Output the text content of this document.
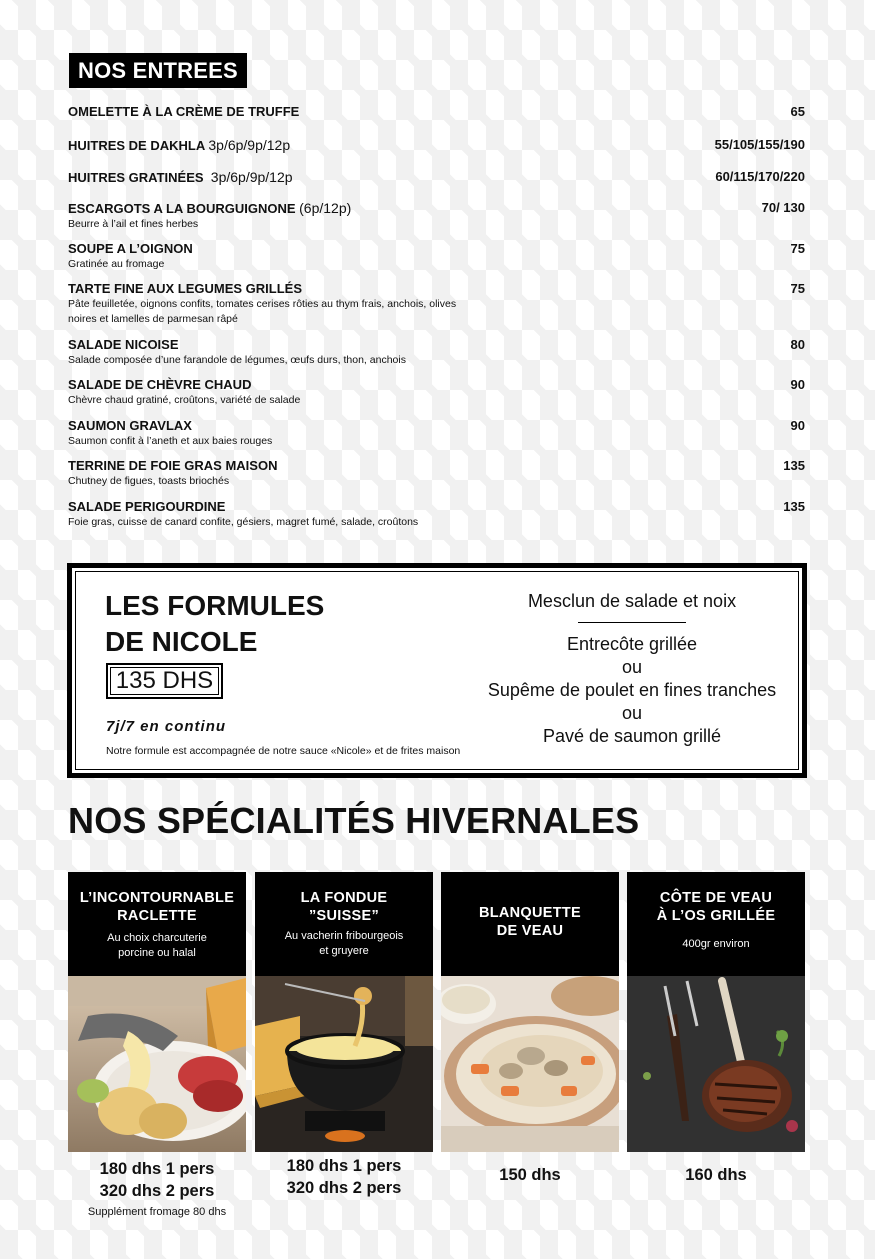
NOS ENTREES
OMELETTE À LA CRÈME DE TRUFFE	65
HUITRES DE DAKHLA 3p/6p/9p/12p	55/105/155/190
HUITRES GRATINÉES 3p/6p/9p/12p	60/115/170/220
ESCARGOTS A LA BOURGUIGNONE (6p/12p)
Beurre à l’ail et fines herbes
70/ 130
SOUPE A L’OIGNON
Gratinée au fromage
75
TARTE FINE AUX LEGUMES GRILLÉS
Pâte feuilletée, oignons confits, tomates cerises rôties au thym frais, anchois, olives noires et lamelles de parmesan râpé
75
SALADE NICOISE
Salade composée d’une farandole de légumes, œufs durs, thon, anchois
80
SALADE DE CHÈVRE CHAUD
Chèvre chaud gratiné, croûtons, variété de salade
90
SAUMON GRAVLAX
Saumon confit à l’aneth et aux baies rouges
90
TERRINE DE FOIE GRAS MAISON
Chutney de figues, toasts briochés
135
SALADE PERIGOURDINE
Foie gras, cuisse de canard confite, gésiers, magret fumé, salade, croûtons
135
LES FORMULES
DE NICOLE
135 DHS
7j/7 en continu
Notre formule est accompagnée de notre sauce «Nicole» et de frites maison
Mesclun de salade et noix
Entrecôte grillée
ou
Supême de poulet en fines tranches
ou
Pavé de saumon grillé
NOS SPÉCIALITÉS HIVERNALES
L’INCONTOURNABLE
RACLETTE
Au choix charcuterie
porcine ou halal
180 dhs 1 pers
320 dhs 2 pers
Supplément fromage 80 dhs
LA FONDUE
”SUISSE”
Au vacherin fribourgeois
et gruyere
180 dhs 1 pers
320 dhs 2 pers
BLANQUETTE
DE VEAU
150 dhs
CÔTE DE VEAU
À L’OS GRILLÉE
400gr environ
160 dhs
